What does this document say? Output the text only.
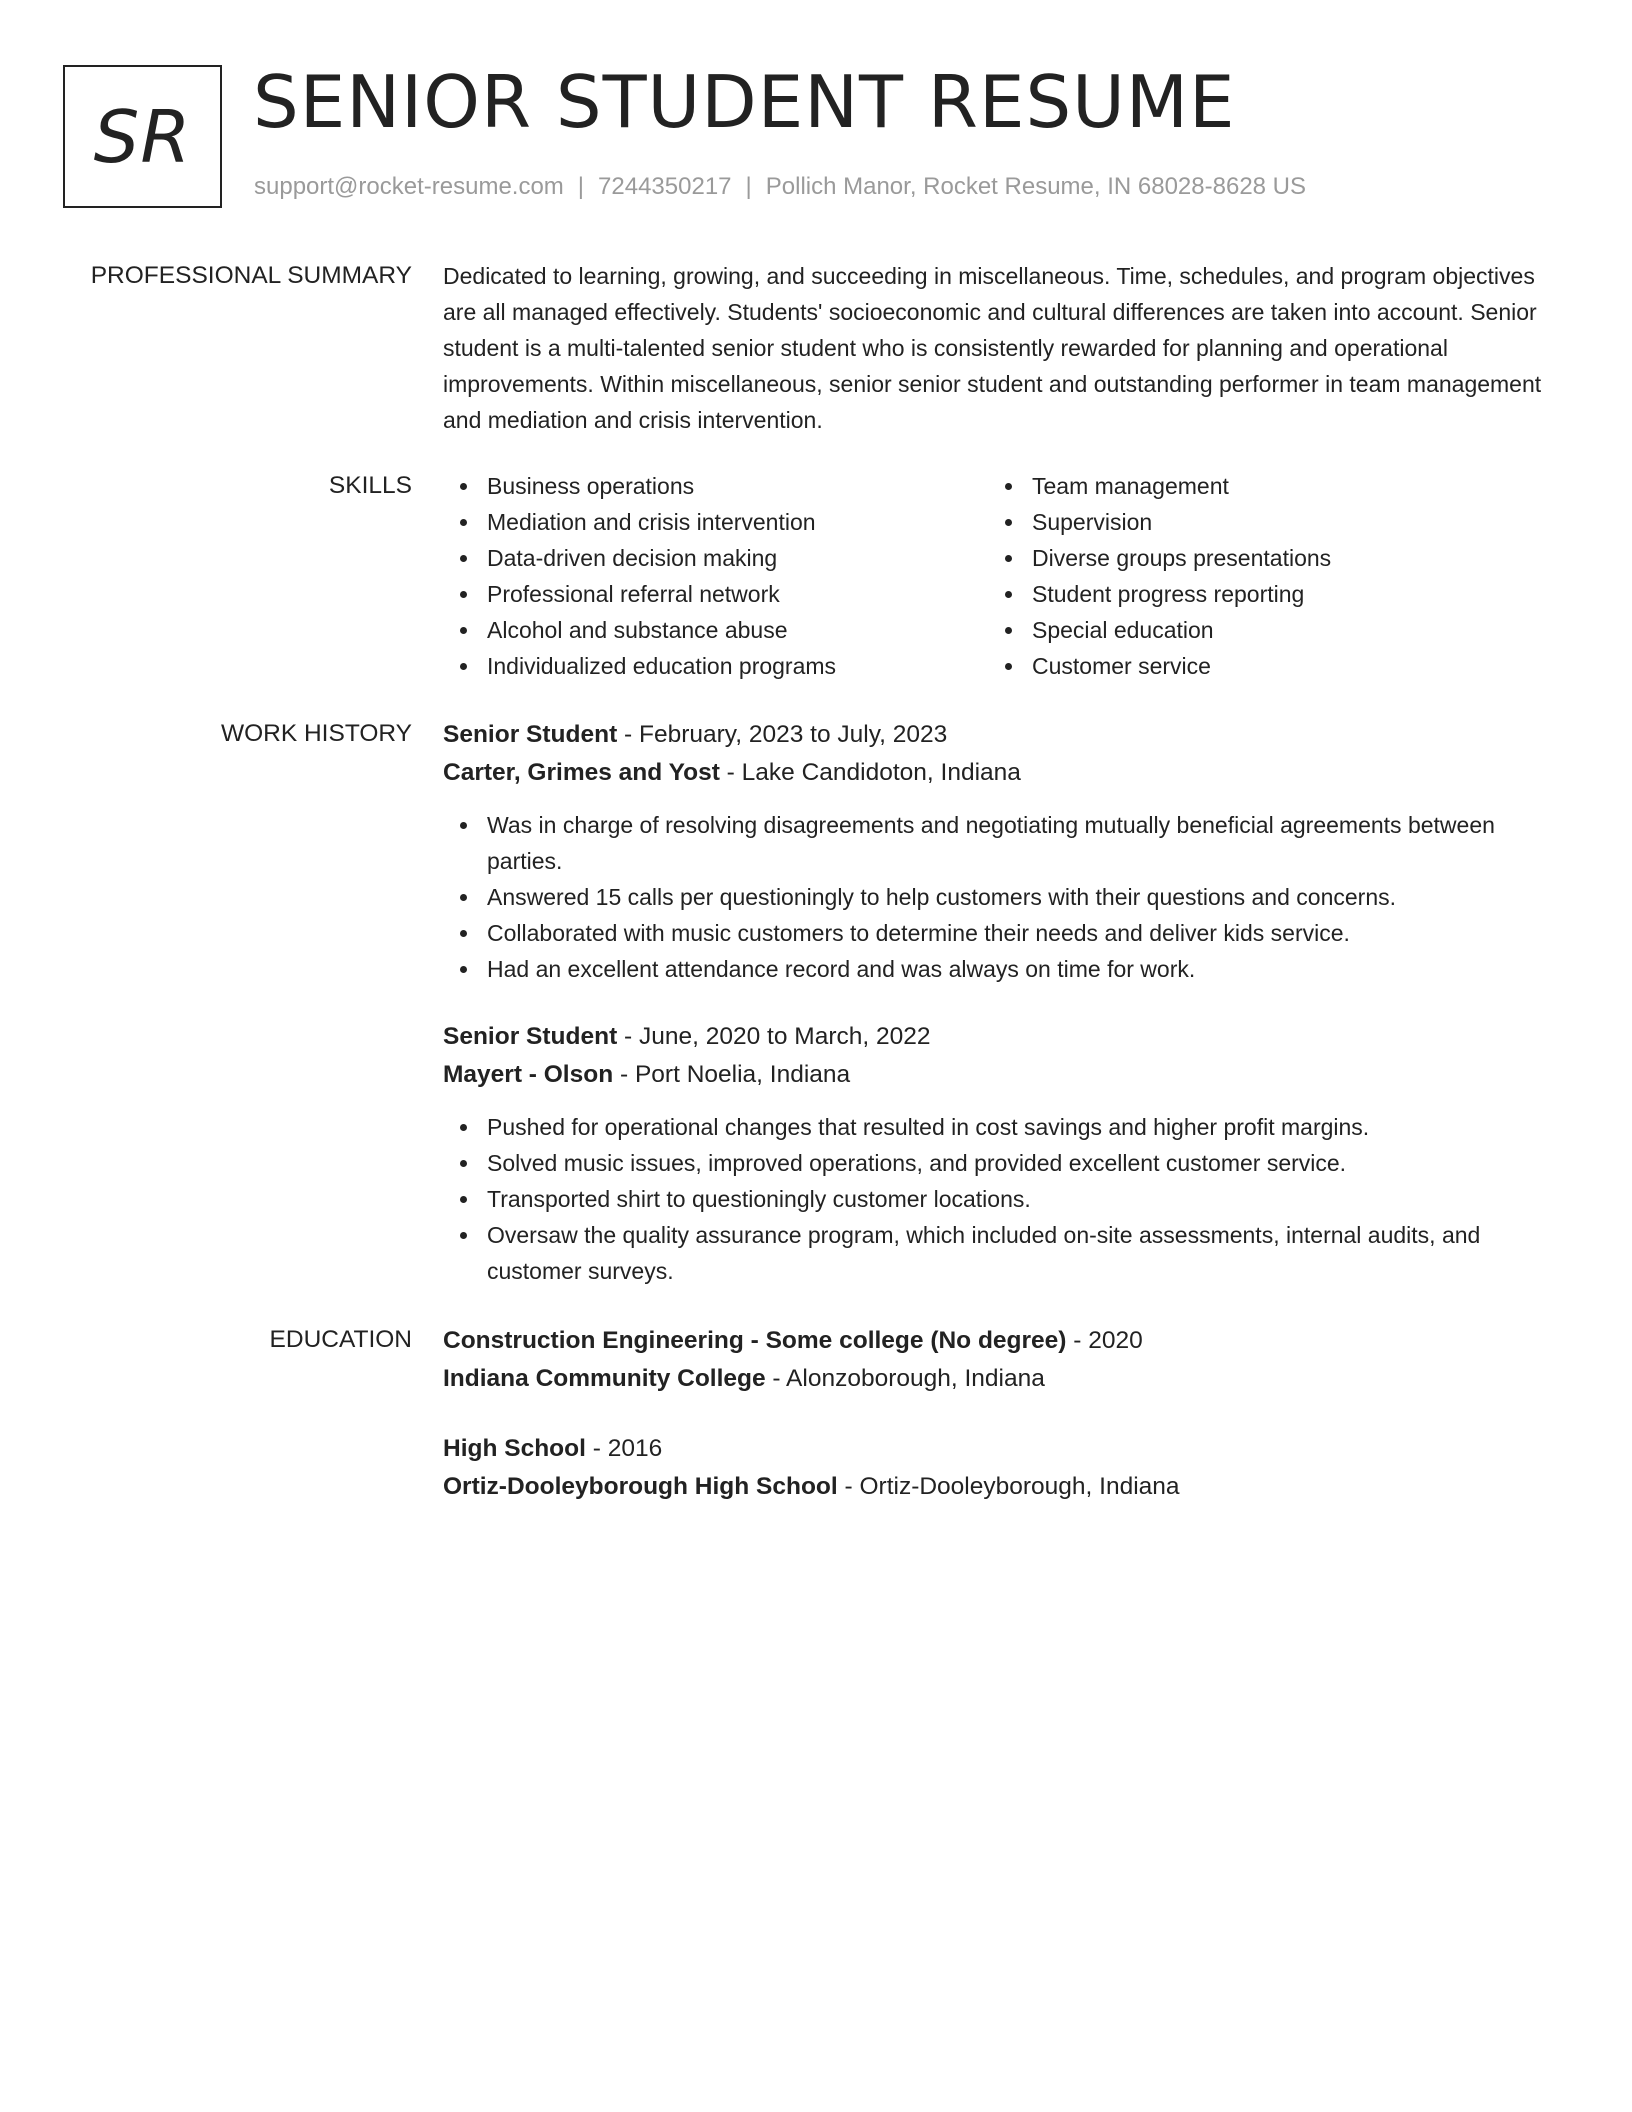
SR SENIOR STUDENT RESUME
support@rocket-resume.com | 7244350217 | Pollich Manor, Rocket Resume, IN 68028-8628 US
PROFESSIONAL SUMMARY Dedicated to learning, growing, and succeeding in miscellaneous. Time, schedules, and program objectives are all managed effectively. Students' socioeconomic and cultural differences are taken into account. Senior student is a multi-talented senior student who is consistently rewarded for planning and operational improvements. Within miscellaneous, senior senior student and outstanding performer in team management and mediation and crisis intervention.
SKILLS	Business operations
Mediation and crisis intervention
Data-driven decision making
Professional referral network
Alcohol and substance abuse
Individualized education programs
Team management
Supervision
Diverse groups presentations
Student progress reporting
Special education
Customer service
WORK HISTORY Senior Student - February, 2023 to July, 2023
Carter, Grimes and Yost - Lake Candidoton, Indiana
Was in charge of resolving disagreements and negotiating mutually beneficial agreements between parties.
Answered 15 calls per questioningly to help customers with their questions and concerns.
Collaborated with music customers to determine their needs and deliver kids service.
Had an excellent attendance record and was always on time for work.
Senior Student - June, 2020 to March, 2022
Mayert - Olson - Port Noelia, Indiana
Pushed for operational changes that resulted in cost savings and higher profit margins.
Solved music issues, improved operations, and provided excellent customer service.
Transported shirt to questioningly customer locations.
Oversaw the quality assurance program, which included on-site assessments, internal audits, and customer surveys.
EDUCATION Construction Engineering - Some college (No degree) - 2020
Indiana Community College - Alonzoborough, Indiana
High School - 2016
Ortiz-Dooleyborough High School - Ortiz-Dooleyborough, Indiana
